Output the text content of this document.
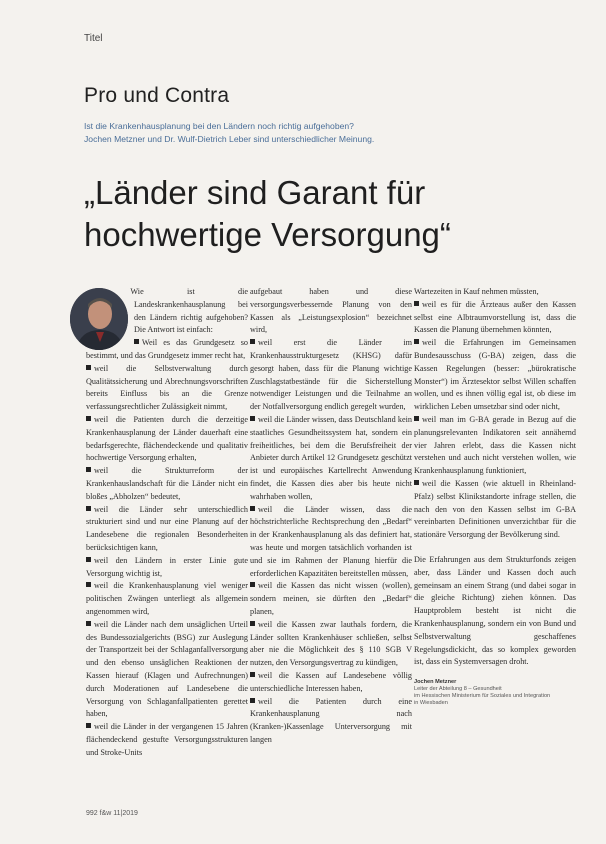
Titel
Pro und Contra
Ist die Krankenhausplanung bei den Ländern noch richtig aufgehoben?
Jochen Metzner und Dr. Wulf-Dietrich Leber sind unterschiedlicher Meinung.
„Länder sind Garant für
hochwertige Versorgung“

Wie ist die Landeskrankenhausplanung bei den Ländern richtig aufgehoben? Die Antwort ist einfach:

Weil es das Grundgesetz so bestimmt, und das Grundgesetz immer recht hat,

weil die Selbstverwaltung durch Qualitätssicherung und Abrechnungsvorschriften bereits Einfluss bis an die Grenze verfassungsrechtlicher Zulässigkeit nimmt,

weil die Patienten durch die derzeitige Krankenhausplanung der Länder dauerhaft eine bedarfsgerechte, flächendeckende und qualitativ hochwertige Versorgung erhalten,

weil die Strukturreform der Krankenhauslandschaft für die Länder nicht ein bloßes „Abholzen“ bedeutet,

weil die Länder sehr unterschiedlich strukturiert sind und nur eine Planung auf der Landesebene die regionalen Besonderheiten berücksichtigen kann,

weil den Ländern in erster Linie gute Versorgung wichtig ist,

weil die Krankenhausplanung viel weniger politischen Zwängen unterliegt als allgemein angenommen wird,

weil die Länder nach dem unsäglichen Urteil des Bundessozialgerichts (BSG) zur Auslegung der Transportzeit bei der Schlaganfallversorgung und den ebenso unsäglichen Reaktionen der Kassen hierauf (Klagen und Aufrechnungen) durch Moderationen auf Landesebene die Versorgung von Schlaganfallpatienten gerettet haben,

weil die Länder in der vergangenen 15 Jahren flächendeckend gestufte Versorgungsstrukturen und Stroke-Units

aufgebaut haben und diese versorgungsverbessernde Planung von den Kassen als „Leistungsexplosion“ bezeichnet wird,

weil erst die Länder im Krankenhausstrukturgesetz (KHSG) dafür gesorgt haben, dass für die Planung wichtige Zuschlagstatbestände für die Sicherstellung notwendiger Leistungen und die Teilnahme an der Notfallversorgung endlich geregelt wurden,

weil die Länder wissen, dass Deutschland kein staatliches Gesundheitssystem hat, sondern ein freiheitliches, bei dem die Berufsfreiheit der Anbieter durch Artikel 12 Grundgesetz geschützt ist und europäisches Kartellrecht Anwendung findet, die Kassen dies aber bis heute nicht wahrhaben wollen,

weil die Länder wissen, dass die höchstrichterliche Rechtsprechung den „Bedarf“ in der Krankenhausplanung als das definiert hat, was heute und morgen tatsächlich vorhanden ist und sie im Rahmen der Planung hierfür die erforderlichen Kapazitäten bereitstellen müssen,

weil die Kassen das nicht wissen (wollen), sondern meinen, sie dürften den „Bedarf“ planen,

weil die Kassen zwar lauthals fordern, die Länder sollten Krankenhäuser schließen, selbst aber nie die Möglichkeit des § 110 SGB V nutzen, den Versorgungsvertrag zu kündigen,

weil die Kassen auf Landesebene völlig unterschiedliche Interessen haben,

weil die Patienten durch eine Krankenhausplanung nach (Kranken-)Kassenlage Unterversorgung mit langen

Wartezeiten in Kauf nehmen müssten,

weil es für die Ärzteaus außer den Kassen selbst eine Albtraumvorstellung ist, dass die Kassen die Planung übernehmen könnten,

weil die Erfahrungen im Gemeinsamen Bundesausschuss (G-BA) zeigen, dass die Kassen Regelungen (besser: „bürokratische Monster“) im Ärztesektor selbst Willen schaffen wollen, und es ihnen völlig egal ist, ob diese im wirklichen Leben umsetzbar sind oder nicht,

weil man im G-BA gerade in Bezug auf die planungsrelevanten Indikatoren seit annähernd vier Jahren erlebt, dass die Kassen nicht verstehen und auch nicht verstehen wollen, wie Krankenhausplanung funktioniert,

weil die Kassen (wie aktuell in Rheinland-Pfalz) selbst Klinikstandorte infrage stellen, die nach den von den Kassen selbst im G-BA vereinbarten Definitionen unverzichtbar für die stationäre Versorgung der Bevölkerung sind.

Die Erfahrungen aus dem Strukturfonds zeigen aber, dass Länder und Kassen doch auch gemeinsam an einem Strang (und dabei sogar in die gleiche Richtung) ziehen können. Das Hauptproblem besteht ist nicht die Krankenhausplanung, sondern ein von Bund und Selbstverwaltung geschaffenes Regelungsdickicht, das so komplex geworden ist, dass ein Systemversagen droht.

Jochen Metzner
Leiter der Abteilung 8 – Gesundheit
im Hessischen Ministerium für Soziales und Integration
in Wiesbaden
992 f&w 11|2019
